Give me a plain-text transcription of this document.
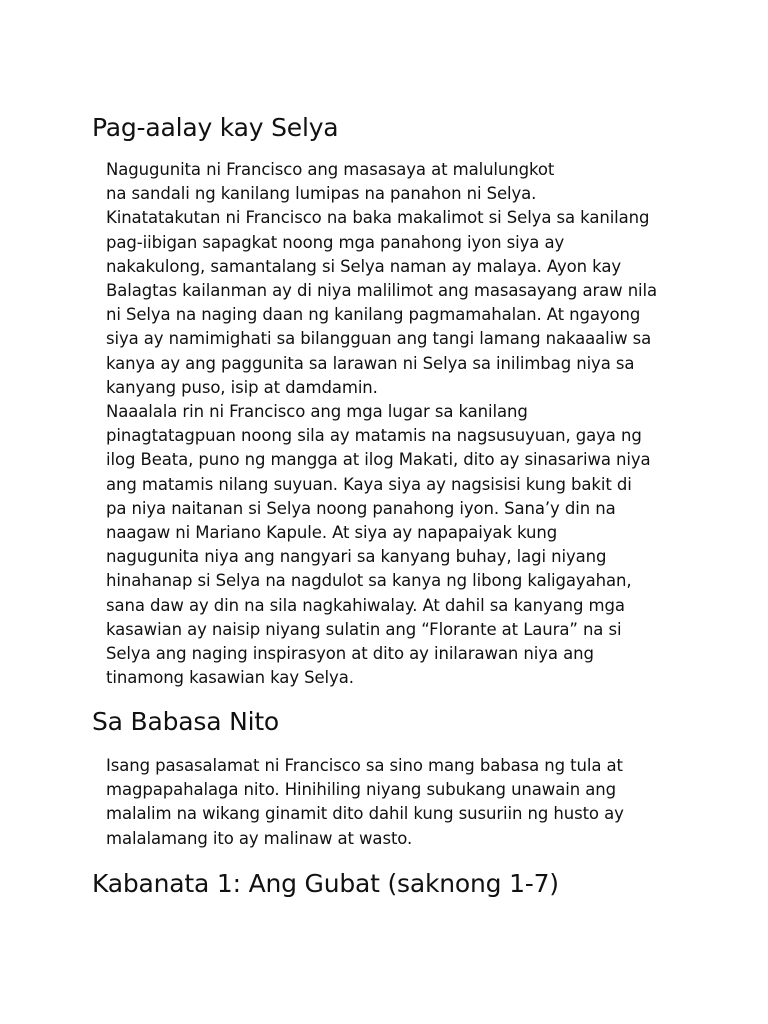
Pag-aalay kay Selya
Nagugunita ni Francisco ang masasaya at malulungkot
na sandali ng kanilang lumipas na panahon ni Selya.
Kinatatakutan ni Francisco na baka makalimot si Selya sa kanilang
pag-iibigan sapagkat noong mga panahong iyon siya ay
nakakulong, samantalang si Selya naman ay malaya. Ayon kay
Balagtas kailanman ay di niya malilimot ang masasayang araw nila
ni Selya na naging daan ng kanilang pagmamahalan. At ngayong
siya ay namimighati sa bilangguan ang tangi lamang nakaaaliw sa
kanya ay ang paggunita sa larawan ni Selya sa inilimbag niya sa
kanyang puso, isip at damdamin.
Naaalala rin ni Francisco ang mga lugar sa kanilang
pinagtatagpuan noong sila ay matamis na nagsusuyuan, gaya ng
ilog Beata, puno ng mangga at ilog Makati, dito ay sinasariwa niya
ang matamis nilang suyuan. Kaya siya ay nagsisisi kung bakit di
pa niya naitanan si Selya noong panahong iyon. Sana’y din na
naagaw ni Mariano Kapule. At siya ay napapaiyak kung
nagugunita niya ang nangyari sa kanyang buhay, lagi niyang
hinahanap si Selya na nagdulot sa kanya ng libong kaligayahan,
sana daw ay din na sila nagkahiwalay. At dahil sa kanyang mga
kasawian ay naisip niyang sulatin ang “Florante at Laura” na si
Selya ang naging inspirasyon at dito ay inilarawan niya ang
tinamong kasawian kay Selya.
Sa Babasa Nito
Isang pasasalamat ni Francisco sa sino mang babasa ng tula at
magpapahalaga nito. Hinihiling niyang subukang unawain ang
malalim na wikang ginamit dito dahil kung susuriin ng husto ay
malalamang ito ay malinaw at wasto.
Kabanata 1: Ang Gubat (saknong 1-7)
